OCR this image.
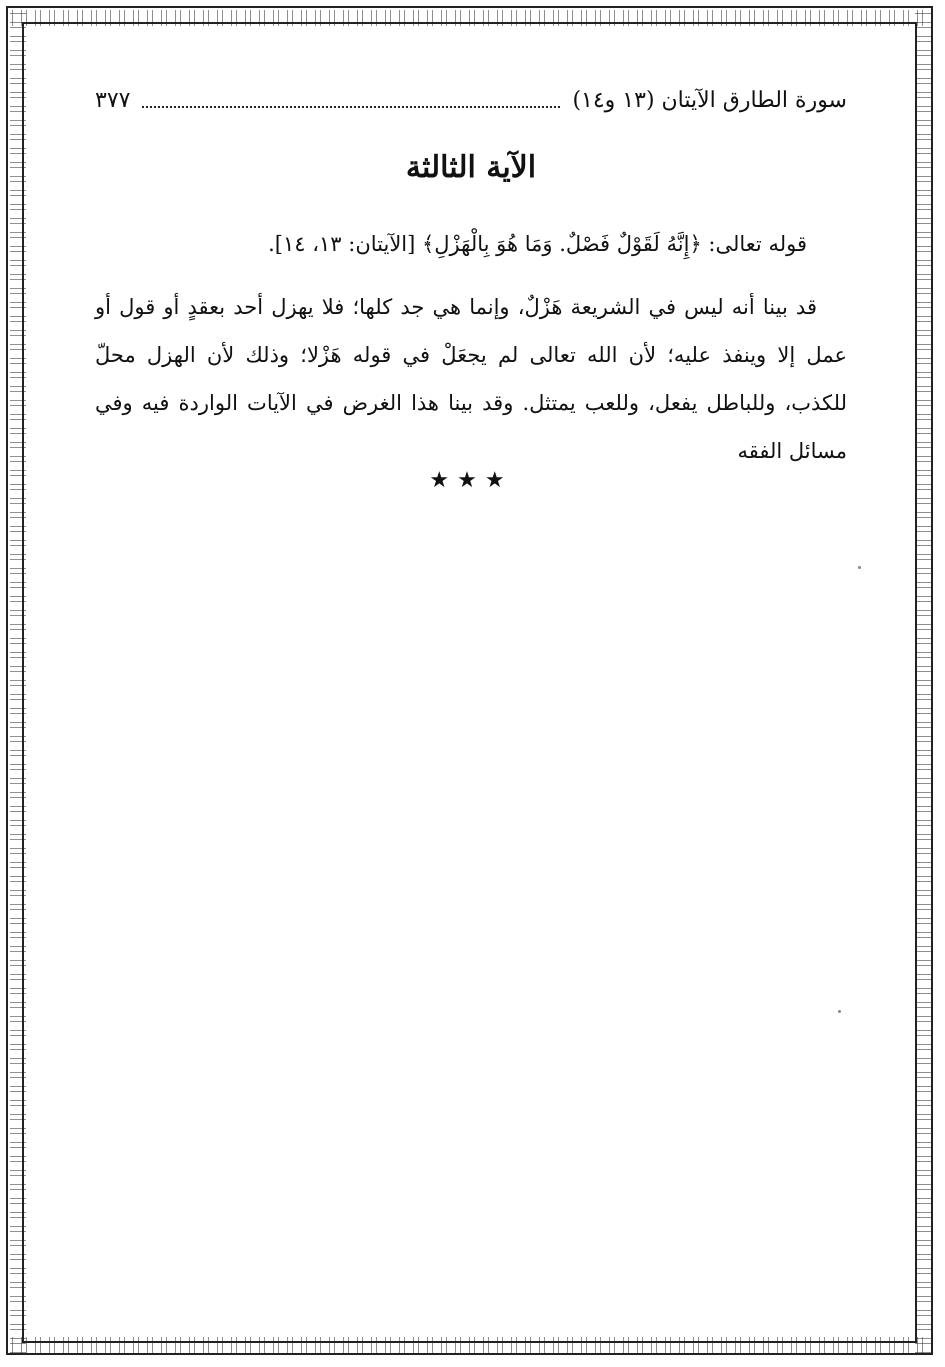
سورة الطارق الآيتان (١٣ و١٤)
٣٧٧
الآية الثالثة
قوله تعالى: ﴿إِنَّهُ لَقَوْلٌ فَصْلٌ. وَمَا هُوَ بِالْهَزْلِ﴾ [الآيتان: ١٣، ١٤].
قد بينا أنه ليس في الشريعة هَزْلٌ، وإنما هي جد كلها؛ فلا يهزل أحد بعقدٍ أو قول أو عمل إلا وينفذ عليه؛ لأن الله تعالى لم يجعَلْ في قوله هَزْلا؛ وذلك لأن الهزل محلّ للكذب، وللباطل يفعل، وللعب يمتثل. وقد بينا هذا الغرض في الآيات الواردة فيه وفي مسائل الفقه
★★★
